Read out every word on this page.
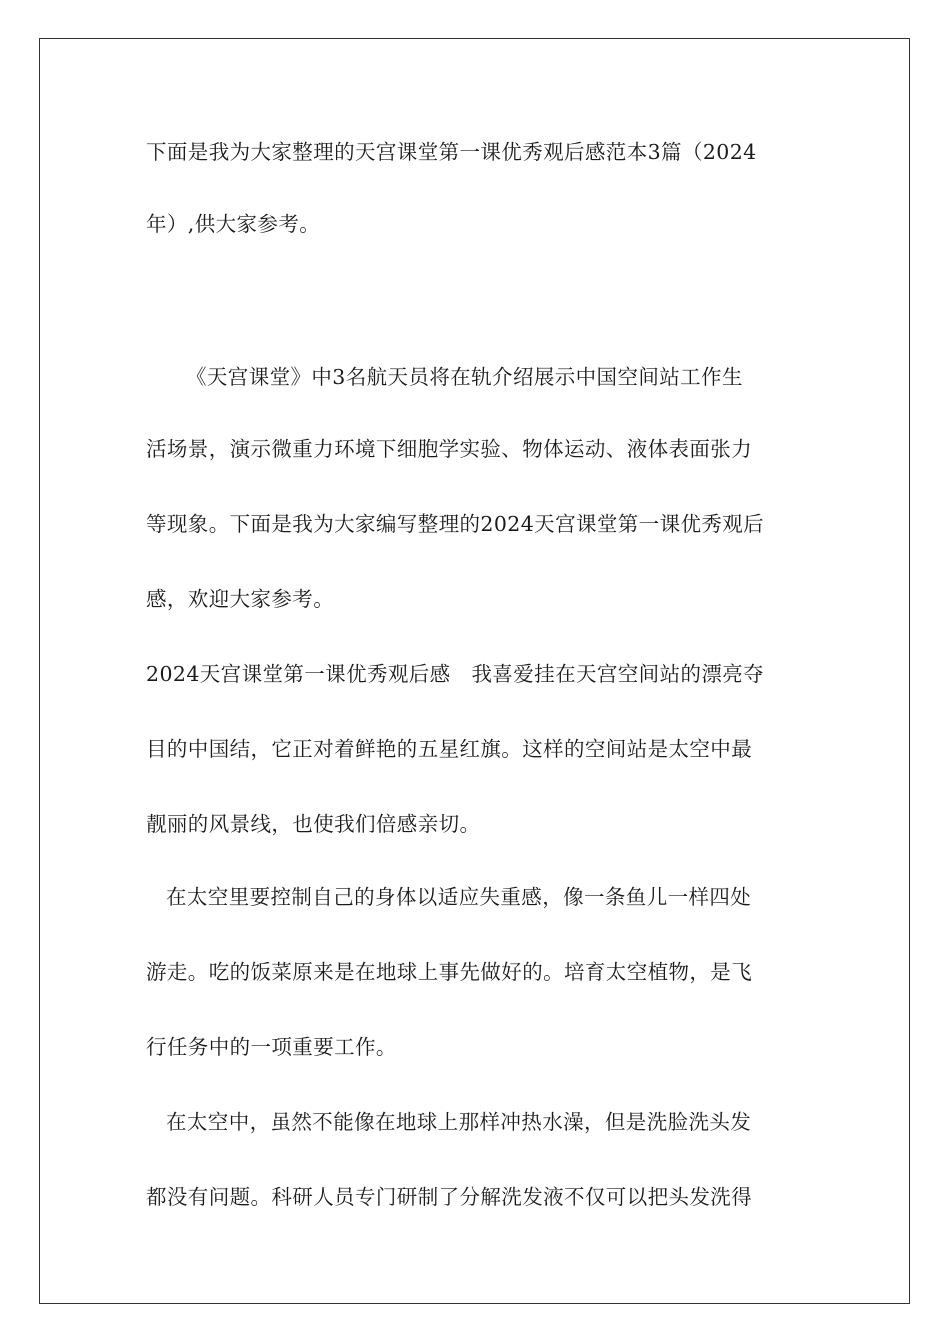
下面是我为大家整理的天宫课堂第一课优秀观后感范本3篇（2024
年）,供大家参考。
《天宫课堂》中3名航天员将在轨介绍展示中国空间站工作生
活场景，演示微重力环境下细胞学实验、物体运动、液体表面张力
等现象。下面是我为大家编写整理的2024天宫课堂第一课优秀观后
感，欢迎大家参考。
2024天宫课堂第一课优秀观后感　我喜爱挂在天宫空间站的漂亮夺
目的中国结，它正对着鲜艳的五星红旗。这样的空间站是太空中最
靓丽的风景线，也使我们倍感亲切。
在太空里要控制自己的身体以适应失重感，像一条鱼儿一样四处
游走。吃的饭菜原来是在地球上事先做好的。培育太空植物，是飞
行任务中的一项重要工作。
在太空中，虽然不能像在地球上那样冲热水澡，但是洗脸洗头发
都没有问题。科研人员专门研制了分解洗发液不仅可以把头发洗得
